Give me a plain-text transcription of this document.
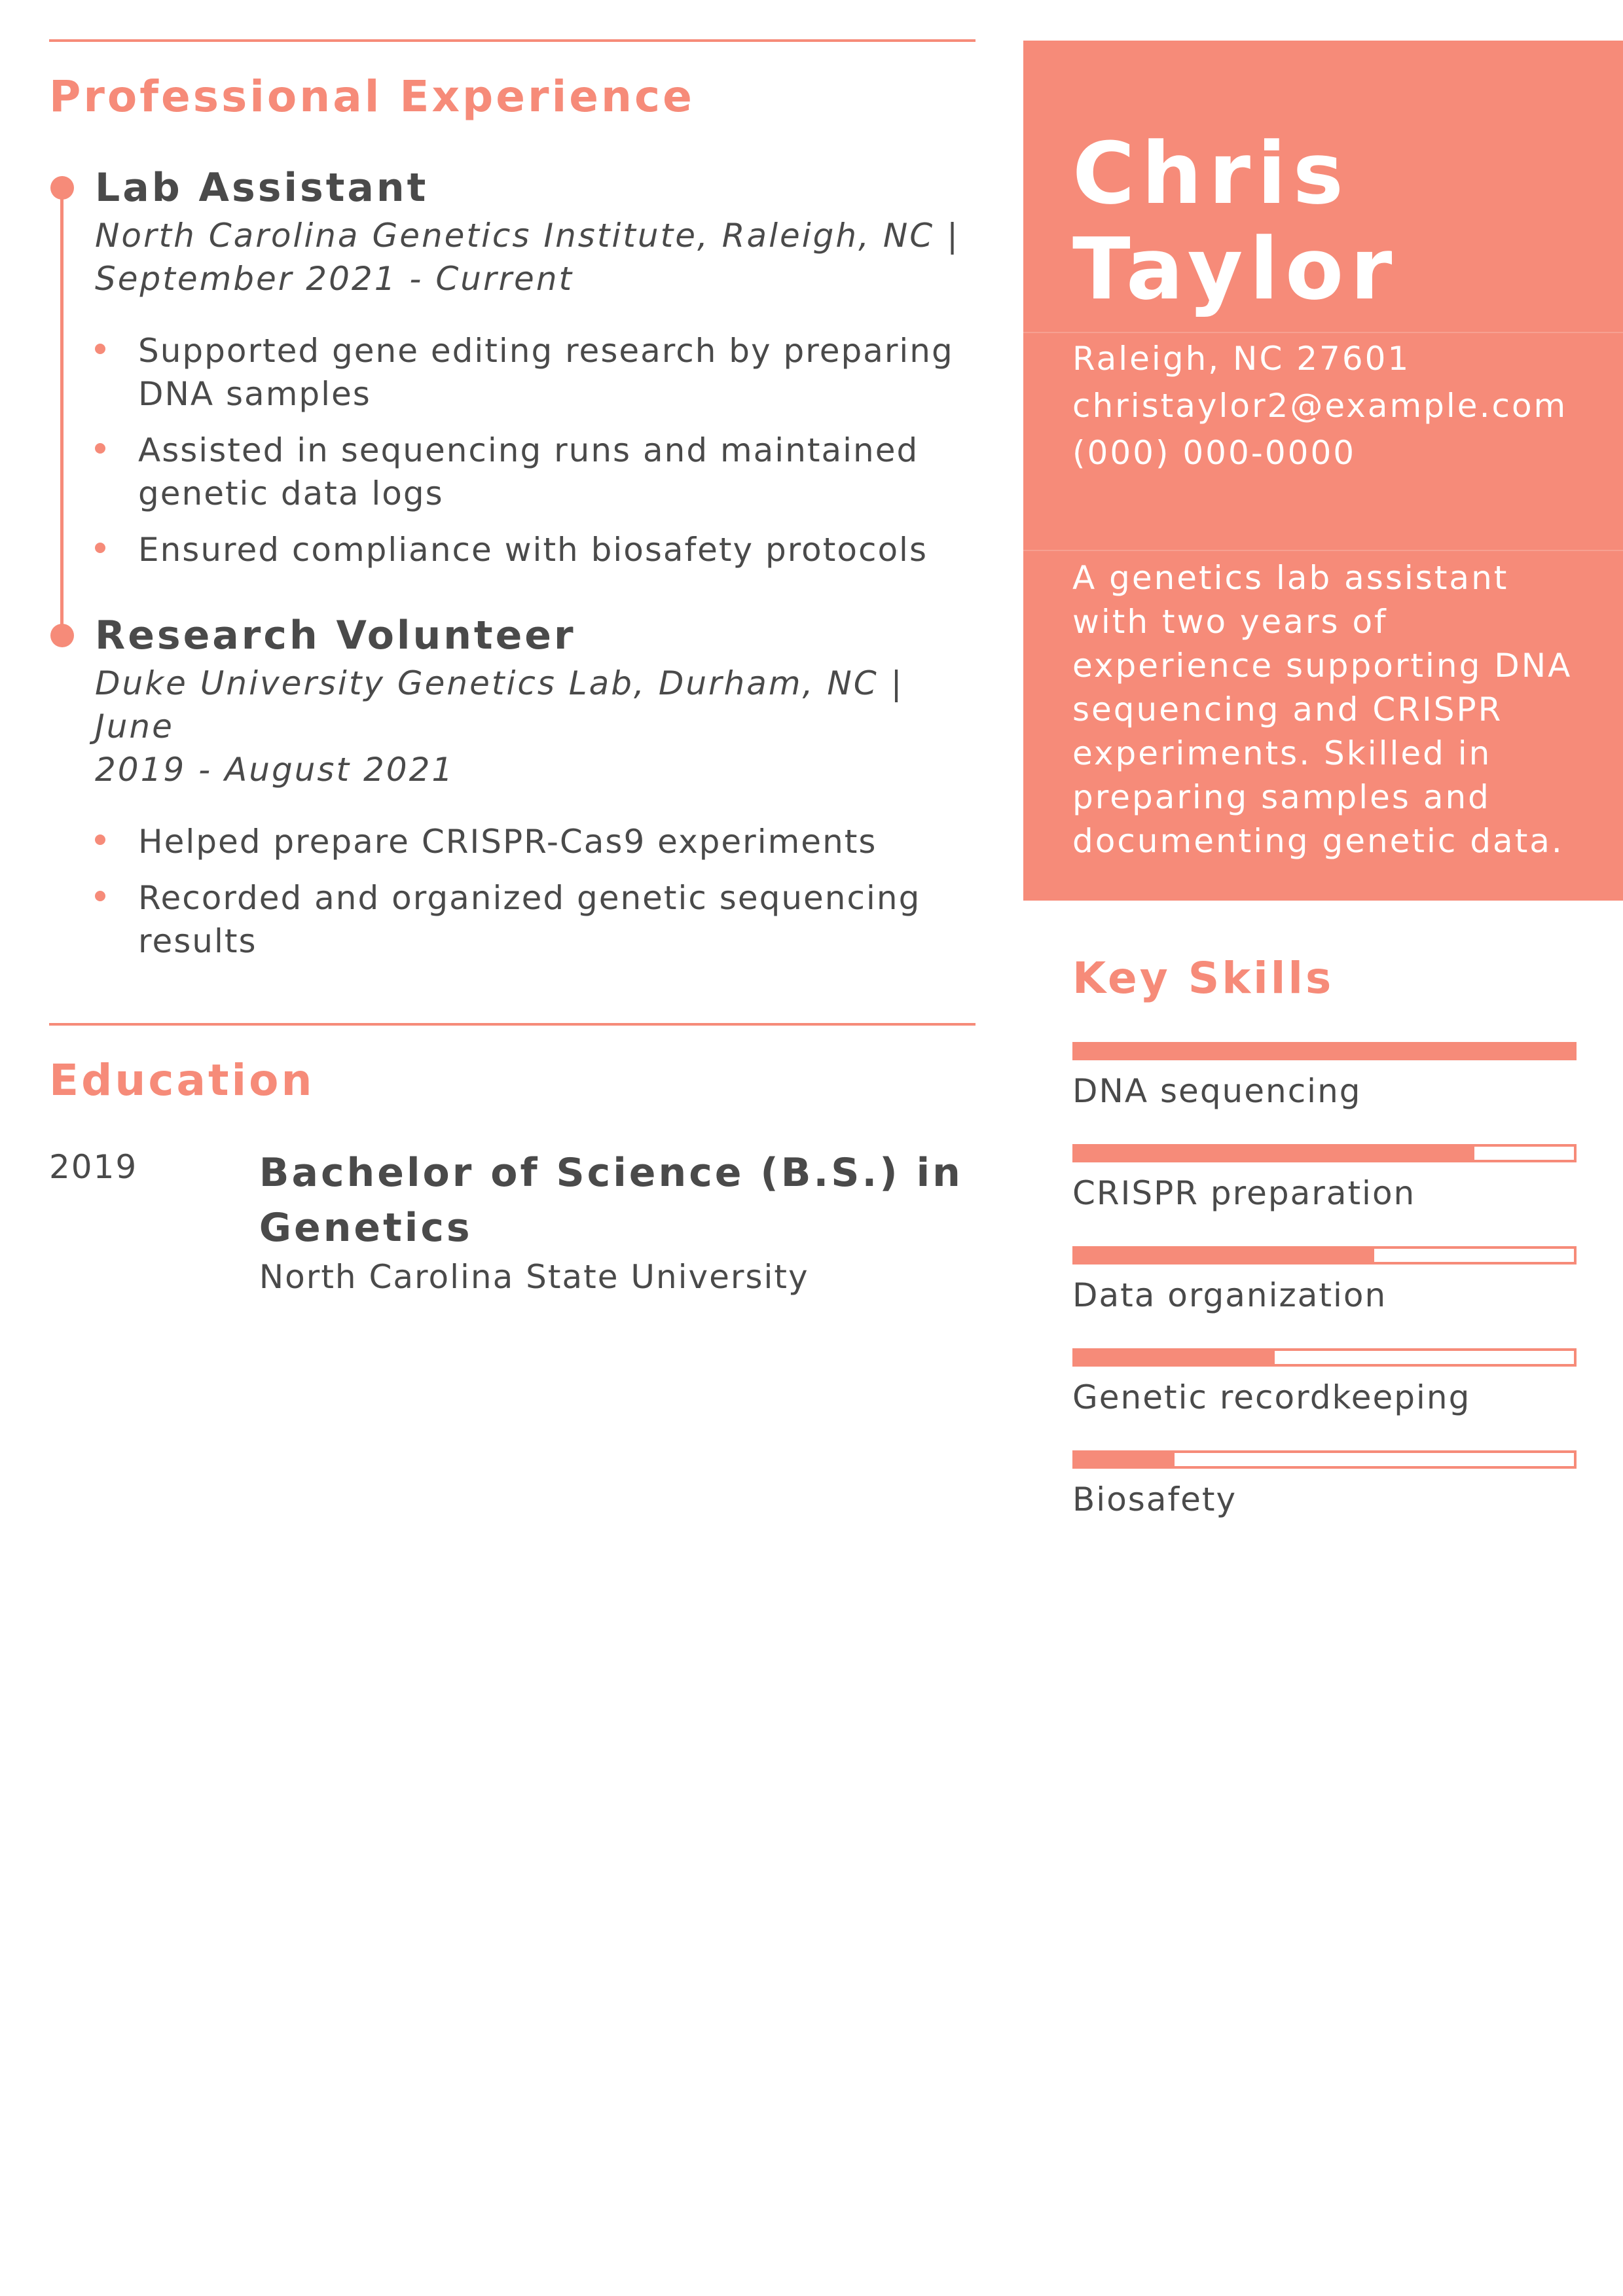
Professional Experience
Lab Assistant
North Carolina Genetics Institute, Raleigh, NC |
September 2021 - Current
Supported gene editing research by preparing DNA samples
Assisted in sequencing runs and maintained genetic data logs
Ensured compliance with biosafety protocols
Research Volunteer
Duke University Genetics Lab, Durham, NC | June
2019 - August 2021
Helped prepare CRISPR-Cas9 experiments
Recorded and organized genetic sequencing results
Education
2019	Bachelor of Science (B.S.) in Genetics
North Carolina State University
Chris
Taylor
Raleigh, NC 27601
christaylor2@example.com
(000) 000-0000
A genetics lab assistant with two years of experience supporting DNA sequencing and CRISPR experiments. Skilled in preparing samples and documenting genetic data.
Key Skills
DNA sequencing
CRISPR preparation
Data organization
Genetic recordkeeping
Biosafety
